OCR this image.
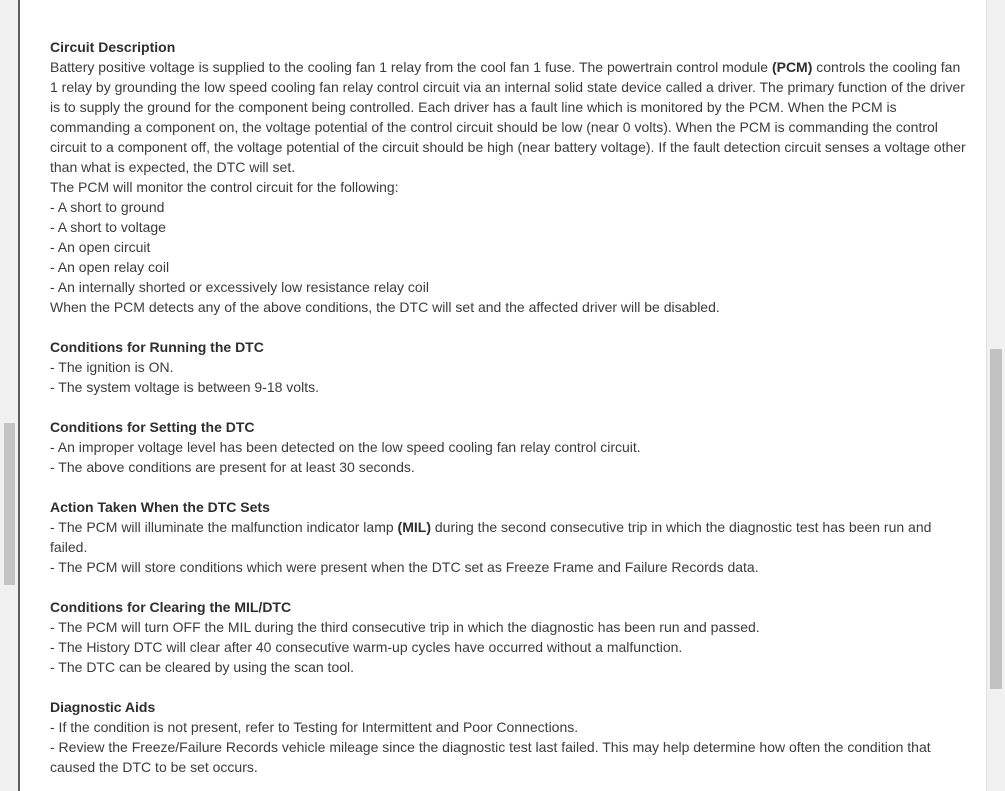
Circuit Description
Battery positive voltage is supplied to the cooling fan 1 relay from the cool fan 1 fuse. The powertrain control module (PCM) controls the cooling fan 1 relay by grounding the low speed cooling fan relay control circuit via an internal solid state device called a driver. The primary function of the driver is to supply the ground for the component being controlled. Each driver has a fault line which is monitored by the PCM. When the PCM is commanding a component on, the voltage potential of the control circuit should be low (near 0 volts). When the PCM is commanding the control circuit to a component off, the voltage potential of the circuit should be high (near battery voltage). If the fault detection circuit senses a voltage other than what is expected, the DTC will set.
The PCM will monitor the control circuit for the following:
- A short to ground
- A short to voltage
- An open circuit
- An open relay coil
- An internally shorted or excessively low resistance relay coil
When the PCM detects any of the above conditions, the DTC will set and the affected driver will be disabled.
Conditions for Running the DTC
- The ignition is ON.
- The system voltage is between 9-18 volts.
Conditions for Setting the DTC
- An improper voltage level has been detected on the low speed cooling fan relay control circuit.
- The above conditions are present for at least 30 seconds.
Action Taken When the DTC Sets
- The PCM will illuminate the malfunction indicator lamp (MIL) during the second consecutive trip in which the diagnostic test has been run and failed.
- The PCM will store conditions which were present when the DTC set as Freeze Frame and Failure Records data.
Conditions for Clearing the MIL/DTC
- The PCM will turn OFF the MIL during the third consecutive trip in which the diagnostic has been run and passed.
- The History DTC will clear after 40 consecutive warm-up cycles have occurred without a malfunction.
- The DTC can be cleared by using the scan tool.
Diagnostic Aids
- If the condition is not present, refer to Testing for Intermittent and Poor Connections.
- Review the Freeze/Failure Records vehicle mileage since the diagnostic test last failed. This may help determine how often the condition that caused the DTC to be set occurs.
